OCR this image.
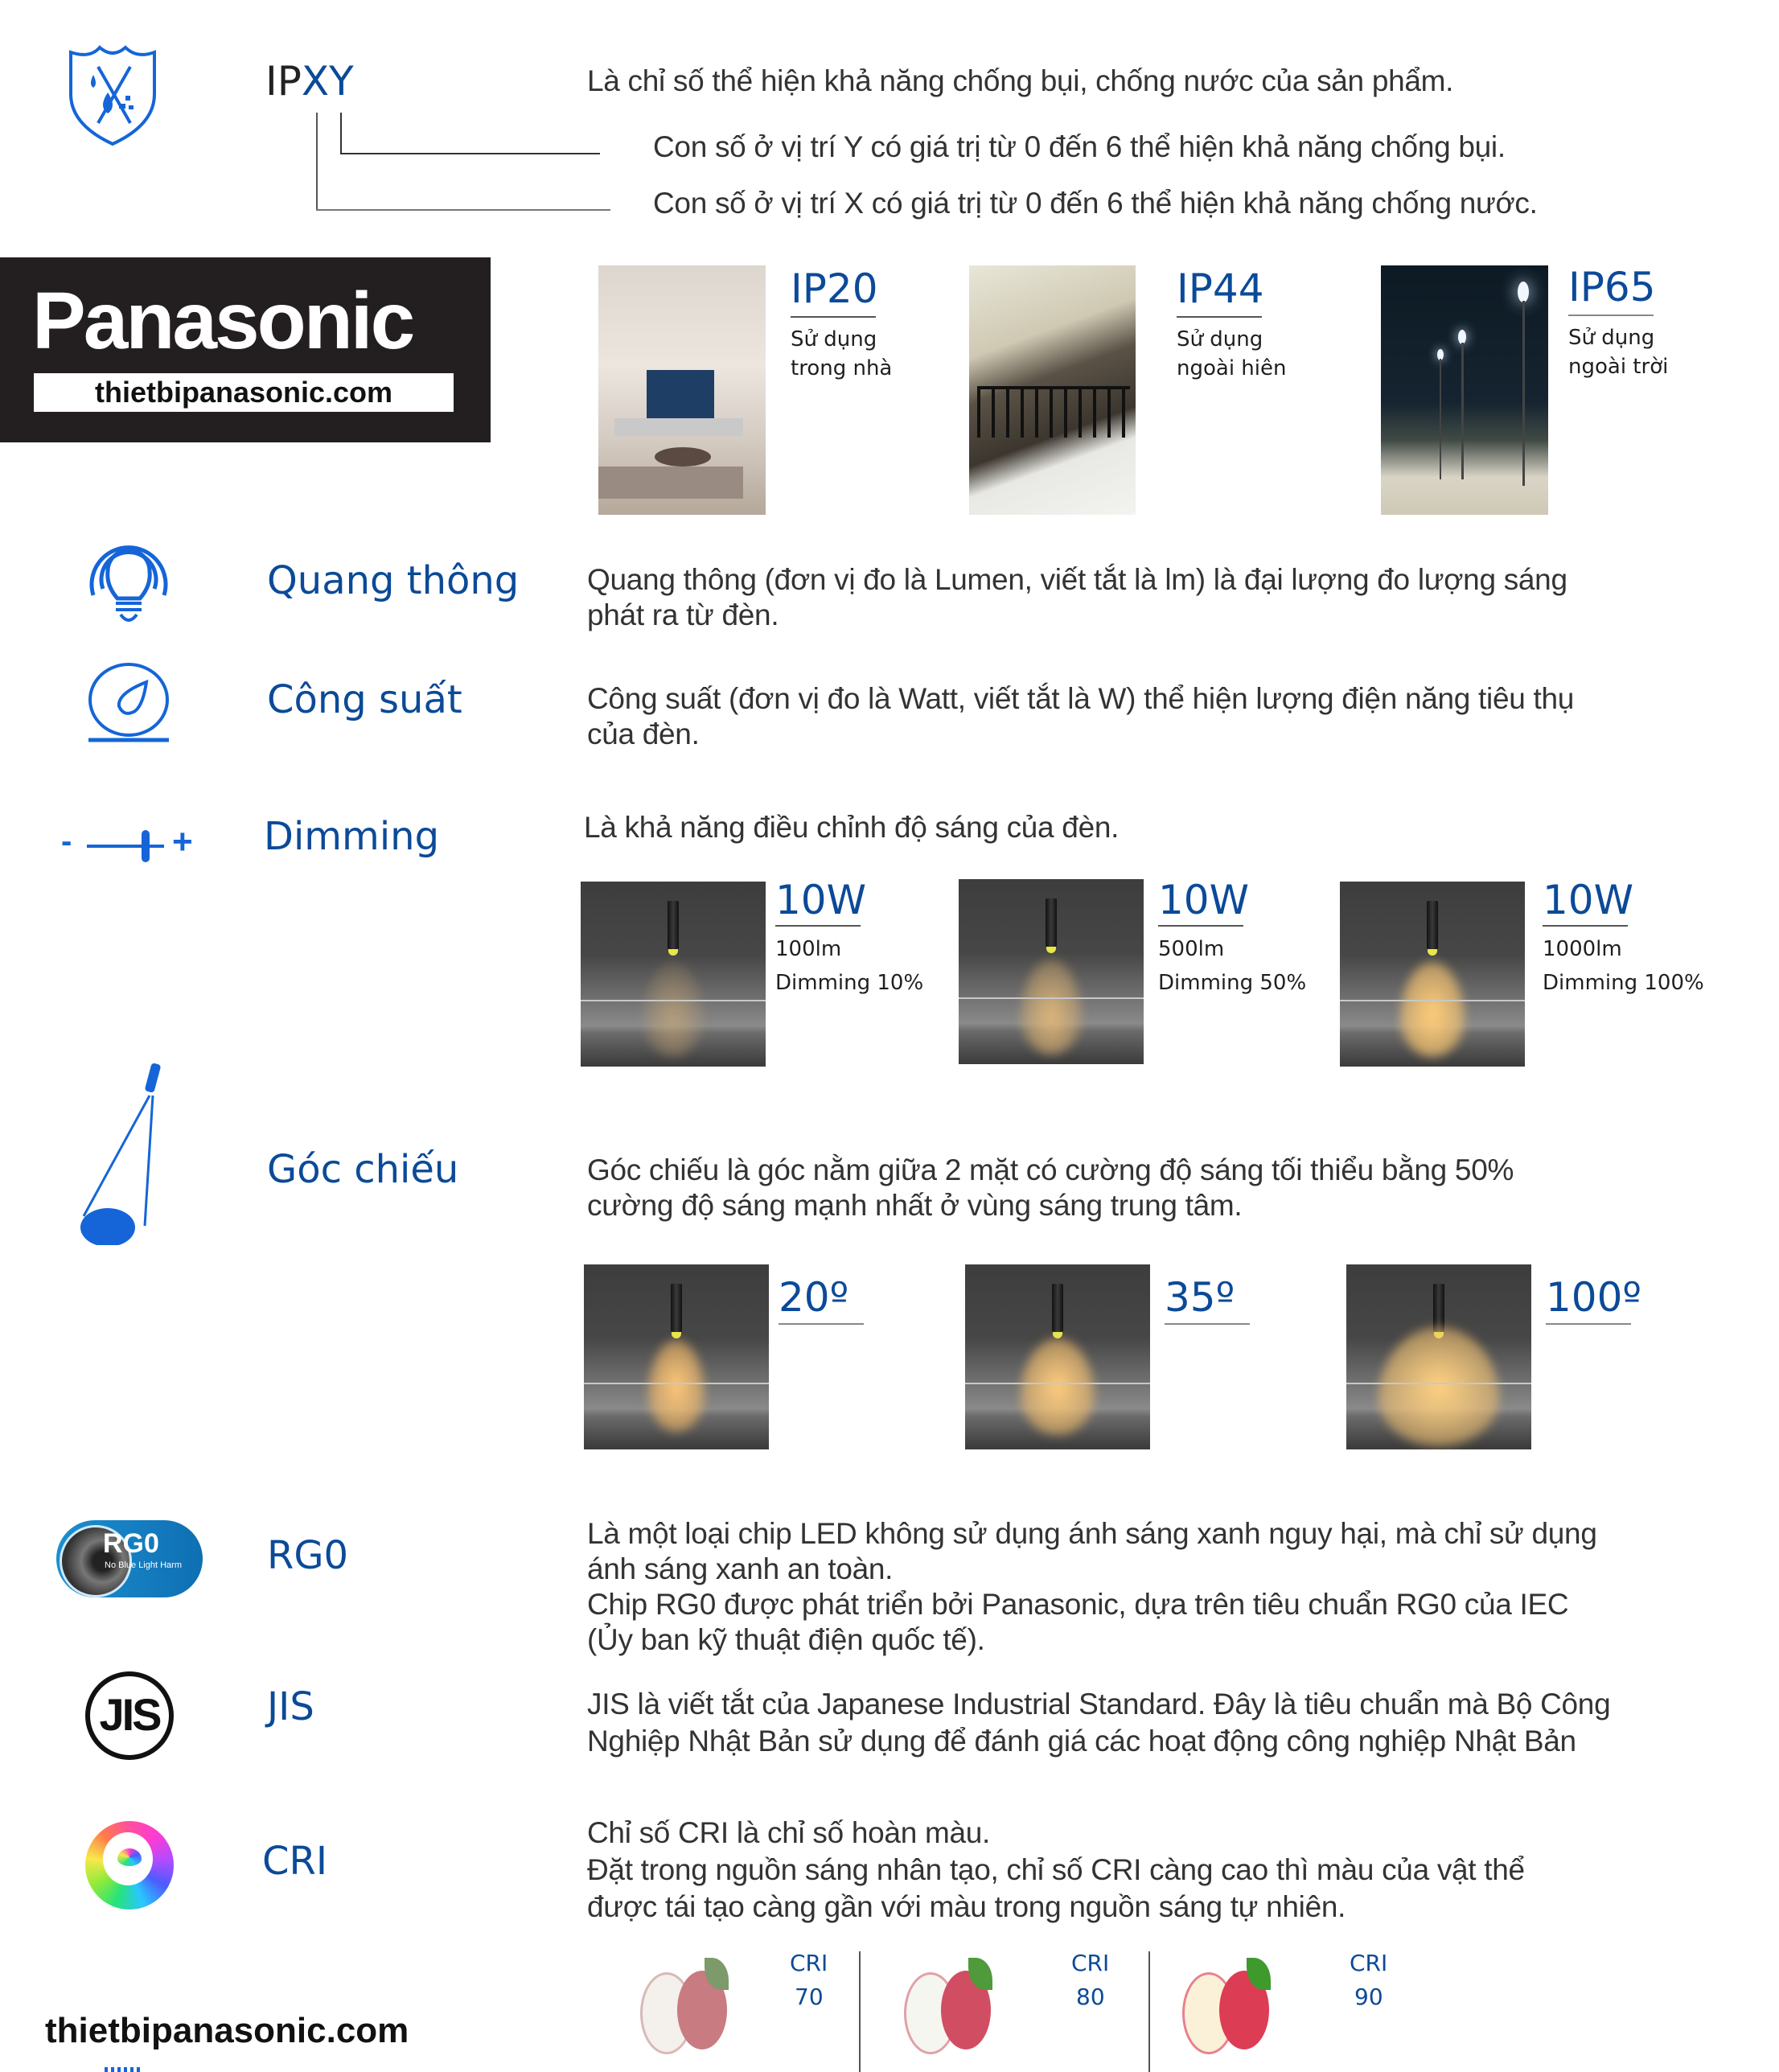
IPXY	Là chỉ số thể hiện khả năng chống bụi, chống nước của sản phẩm.
Con số ở vị trí Y có giá trị từ 0 đến 6 thể hiện khả năng chống bụi.
Con số ở vị trí X có giá trị từ 0 đến 6 thể hiện khả năng chống nước.
Panasonic
thietbipanasonic.com
IP20
Sử dụng
trong nhà
IP44
Sử dụng
ngoài hiên
IP65
Sử dụng
ngoài trời
Quang thông Quang thông (đơn vị đo là Lumen, viết tắt là lm) là đại lượng đo lượng sáng
phát ra từ đèn.
Công suất	Công suất (đơn vị đo là Watt, viết tắt là W) thể hiện lượng điện năng tiêu thụ
của đèn.
-	+ Dimming	Là khả năng điều chỉnh độ sáng của đèn.
10W
100lm
Dimming 10%
10W
500lm
Dimming 50%
10W
1000lm
Dimming 100%
Góc chiếu	Góc chiếu là góc nằm giữa 2 mặt có cường độ sáng tối thiểu bằng 50%
cường độ sáng mạnh nhất ở vùng sáng trung tâm.
20º	35º	100º
RG0
No Blue Light Harm RG0	Là một loại chip LED không sử dụng ánh sáng xanh nguy hại, mà chỉ sử dụng
ánh sáng xanh an toàn.
Chip RG0 được phát triển bởi Panasonic, dựa trên tiêu chuẩn RG0 của IEC
(Ủy ban kỹ thuật điện quốc tế).
JIS	JIS	JIS là viết tắt của Japanese Industrial Standard. Đây là tiêu chuẩn mà Bộ Công
Nghiệp Nhật Bản sử dụng để đánh giá các hoạt động công nghiệp Nhật Bản
CRI
Chỉ số CRI là chỉ số hoàn màu.
Đặt trong nguồn sáng nhân tạo, chỉ số CRI càng cao thì màu của vật thể
được tái tạo càng gần với màu trong nguồn sáng tự nhiên.
CRI
70
CRI
80
CRI
90
thietbipanasonic.com
